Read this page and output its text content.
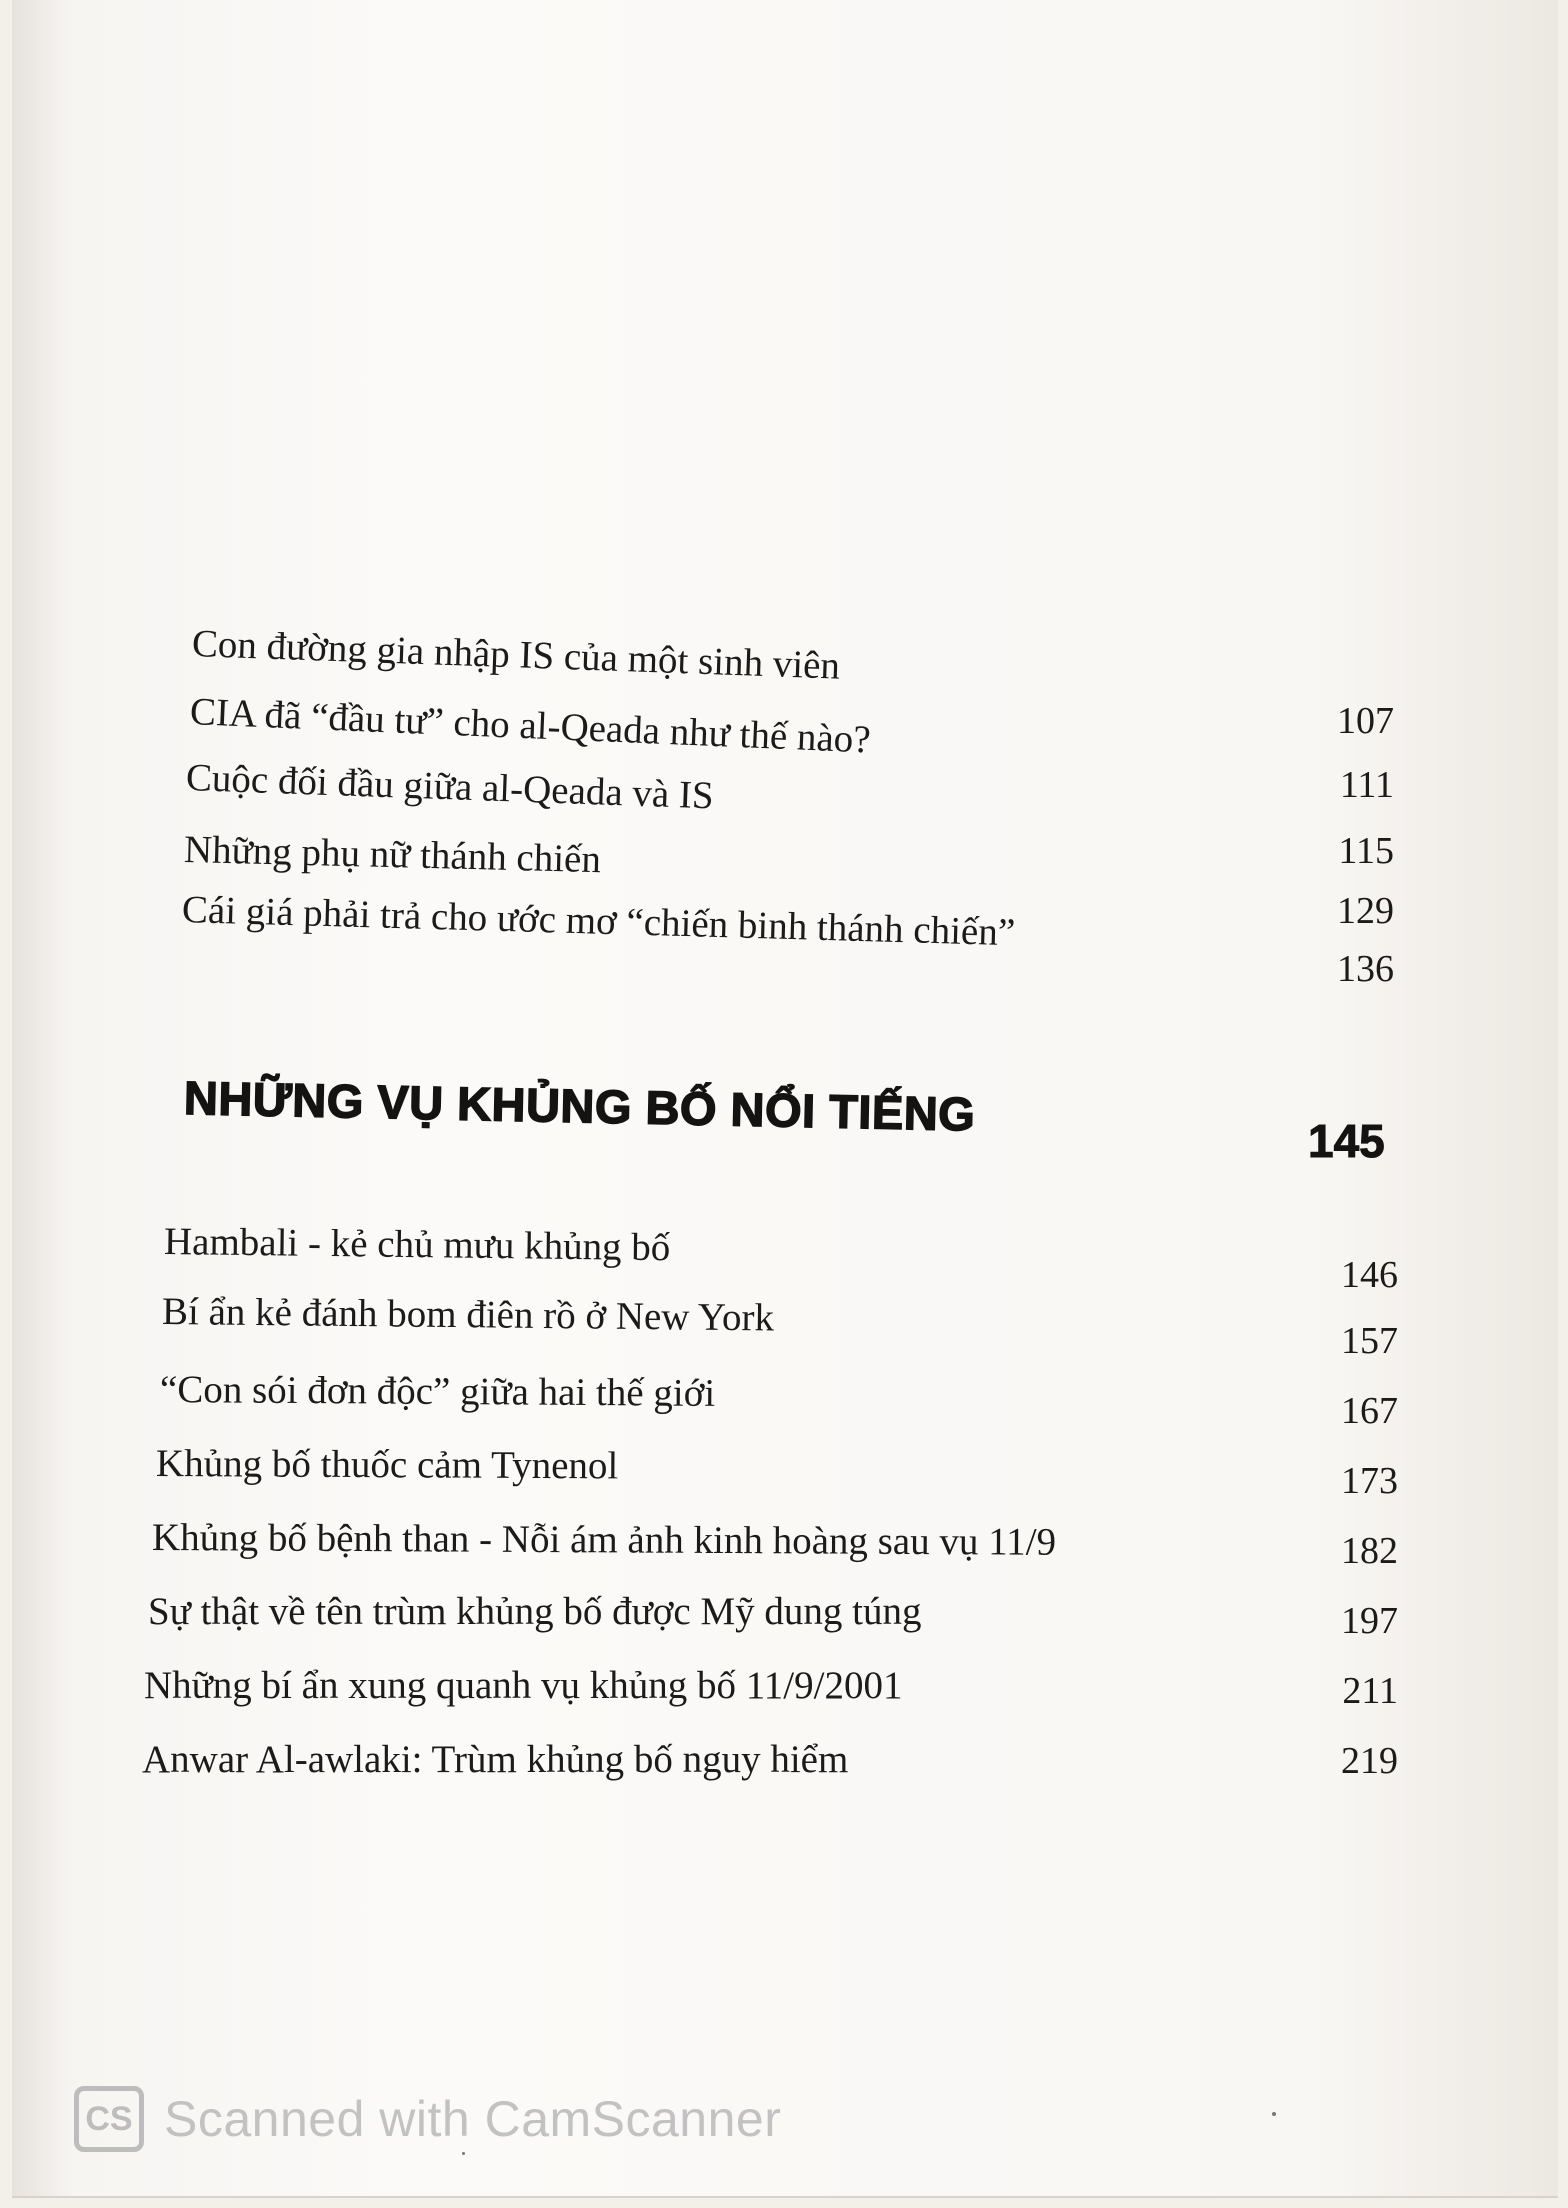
Con đường gia nhập IS của một sinh viên
CIA đã “đầu tư” cho al-Qeada như thế nào?
Cuộc đối đầu giữa al-Qeada và IS
Những phụ nữ thánh chiến
Cái giá phải trả cho ước mơ “chiến binh thánh chiến”
107
111
115
129
136
NHỮNG VỤ KHỦNG BỐ NỔI TIẾNG
145
Hambali - kẻ chủ mưu khủng bố
Bí ẩn kẻ đánh bom điên rồ ở New York
“Con sói đơn độc” giữa hai thế giới
Khủng bố thuốc cảm Tynenol
Khủng bố bệnh than - Nỗi ám ảnh kinh hoàng sau vụ 11/9
Sự thật về tên trùm khủng bố được Mỹ dung túng
Những bí ẩn xung quanh vụ khủng bố 11/9/2001
Anwar Al-awlaki: Trùm khủng bố nguy hiểm
146
157
167
173
182
197
211
219
CS Scanned with CamScanner
